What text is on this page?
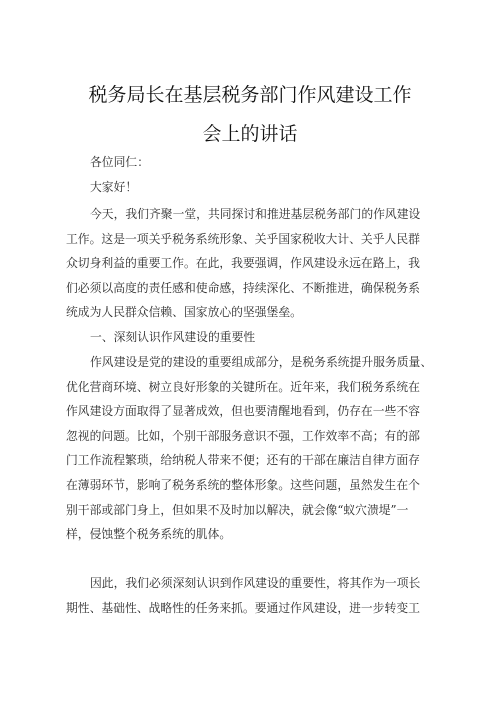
税务局长在基层税务部门作风建设工作
会上的讲话
各位同仁：
大家好！
今天，我们齐聚一堂，共同探讨和推进基层税务部门的作风建设
工作。这是一项关乎税务系统形象、关乎国家税收大计、关乎人民群
众切身利益的重要工作。在此，我要强调，作风建设永远在路上，我
们必须以高度的责任感和使命感，持续深化、不断推进，确保税务系
统成为人民群众信赖、国家放心的坚强堡垒。
一、深刻认识作风建设的重要性
作风建设是党的建设的重要组成部分，是税务系统提升服务质量、
优化营商环境、树立良好形象的关键所在。近年来，我们税务系统在
作风建设方面取得了显著成效，但也要清醒地看到，仍存在一些不容
忽视的问题。比如，个别干部服务意识不强，工作效率不高；有的部
门工作流程繁琐，给纳税人带来不便；还有的干部在廉洁自律方面存
在薄弱环节，影响了税务系统的整体形象。这些问题，虽然发生在个
别干部或部门身上，但如果不及时加以解决，就会像“蚁穴溃堤”一
样，侵蚀整个税务系统的肌体。
因此，我们必须深刻认识到作风建设的重要性，将其作为一项长
期性、基础性、战略性的任务来抓。要通过作风建设，进一步转变工
